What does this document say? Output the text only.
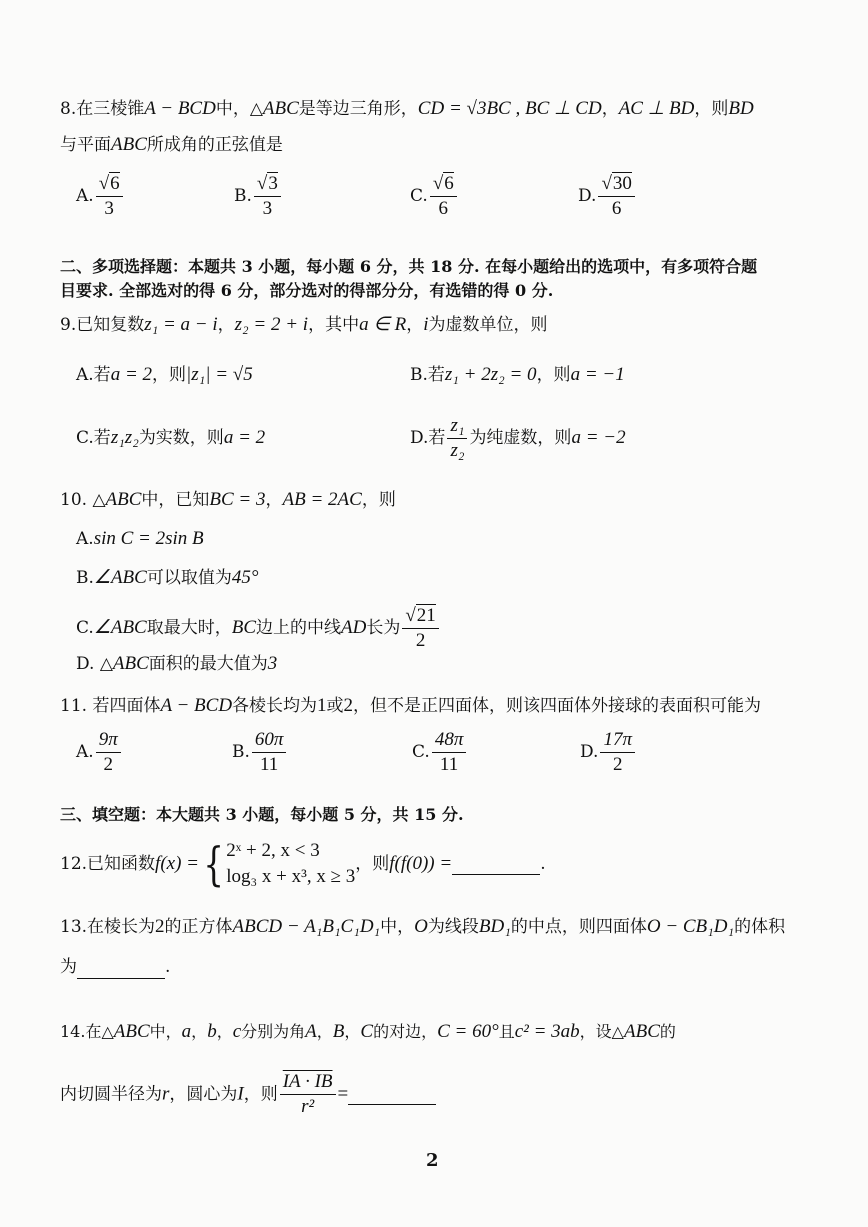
8.在三棱锥A − BCD中，△ABC是等边三角形，CD = √3BC , BC ⊥ CD，AC ⊥ BD，则BD
与平面ABC所成角的正弦值是
A. $\frac{√6}{3}$	B. $\frac{√3}{3}$	C. $\frac{√6}{6}$	D. $\frac{√30}{6}$
二、多项选择题：本题共 3 小题，每小题 6 分，共 18 分. 在每小题给出的选项中，有多项符合题
目要求. 全部选对的得 6 分，部分选对的得部分分，有选错的得 0 分.
9.已知复数z₁ = a − i，z₂ = 2 + i，其中a ∈ R，i为虚数单位，则
A.若a = 2，则|z₁| = √5	B.若z₁ + 2z₂ = 0，则a = −1
C.若z₁z₂为实数，则a = 2	D.若 $\frac{\text{z₁}}{\text{z₂}}$ 为纯虚数，则a = −2
10. △ABC中，已知BC = 3，AB = 2AC，则
A.sin C = 2sin B
B.∠ABC可以取值为45°
C.∠ABC取最大时，BC边上的中线AD长为 $\frac{√21}{2}$
D. △ABC面积的最大值为3
11. 若四面体A − BCD各棱长均为1或2，但不是正四面体，则该四面体外接球的表面积可能为
A. $\frac{9\pi}{2}$	B. $\frac{60\pi}{11}$	C. $\frac{48\pi}{11}$	D. $\frac{17\pi}{2}$
三、填空题：本大题共 3 小题，每小题 5 分，共 15 分.
12.已知函数f(x) ={ 2ˣ + 2, x < 3
log₃ x + x³, x ≥ 3
，则f(f(0)) =	.
13.在棱长为2的正方体ABCD − A₁B₁C₁D₁中，O为线段BD₁的中点，则四面体O − CB₁D₁的体积
为	.
14.在△ABC中，a，b，c分别为角A，B，C的对边，C = 60°且c² = 3ab，设△ABC的
内切圆半径为r，圆心为I，则 $\frac{IA \cdot IB}{\text{r²}}$ =
2
